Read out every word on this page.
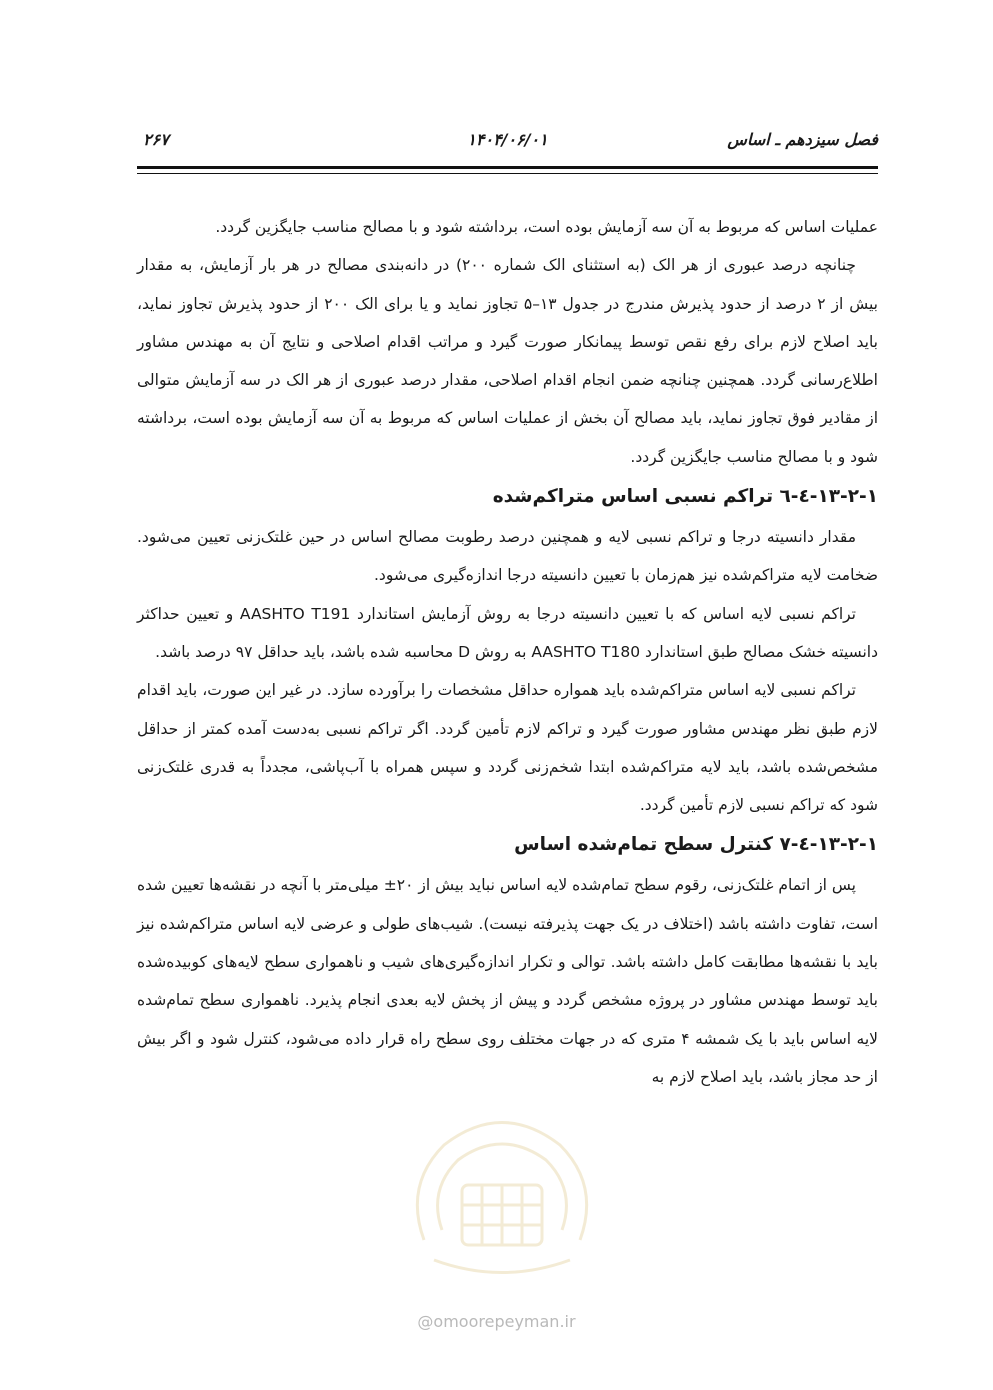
فصل سیزدهم ـ اساس
۱۴۰۴/۰۶/۰۱
۲۶۷

عملیات اساس که مربوط به آن سه آزمایش بوده است، برداشته شود و با مصالح مناسب جایگزین گردد.

چنانچه درصد عبوری از هر الک (به استثنای الک شماره ۲۰۰) در دانه‌بندی مصالح در هر بار آزمایش، به مقدار بیش از ۲ درصد از حدود پذیرش مندرج در جدول ۱۳–۵ تجاوز نماید و یا برای الک ۲۰۰ از حدود پذیرش تجاوز نماید، باید اصلاح لازم برای رفع نقص توسط پیمانکار صورت گیرد و مراتب اقدام اصلاحی و نتایج آن به مهندس مشاور اطلاع‌رسانی گردد. همچنین چنانچه ضمن انجام اقدام اصلاحی، مقدار درصد عبوری از هر الک در سه آزمایش متوالی از مقادیر فوق تجاوز نماید، باید مصالح آن بخش از عملیات اساس که مربوط به آن سه آزمایش بوده است، برداشته شود و با مصالح مناسب جایگزین گردد.

۱۳-۲-۱-٤-٦ تراکم نسبی اساس متراکم‌شده

مقدار دانسیته درجا و تراکم نسبی لایه و همچنین درصد رطوبت مصالح اساس در حین غلتک‌زنی تعیین می‌شود. ضخامت لایه متراکم‌شده نیز هم‌زمان با تعیین دانسیته درجا اندازه‌گیری می‌شود.

تراکم نسبی لایه اساس که با تعیین دانسیته درجا به روش آزمایش استاندارد AASHTO T191 و تعیین حداکثر دانسیته خشک مصالح طبق استاندارد AASHTO T180 به روش D محاسبه شده باشد، باید حداقل ۹۷ درصد باشد.

تراکم نسبی لایه اساس متراکم‌شده باید همواره حداقل مشخصات را برآورده سازد. در غیر این صورت، باید اقدام لازم طبق نظر مهندس مشاور صورت گیرد و تراکم لازم تأمین گردد. اگر تراکم نسبی به‌دست آمده کمتر از حداقل مشخص‌شده باشد، باید لایه متراکم‌شده ابتدا شخم‌زنی گردد و سپس همراه با آب‌پاشی، مجدداً به قدری غلتک‌زنی شود که تراکم نسبی لازم تأمین گردد.

۱۳-۲-۱-٤-۷ کنترل سطح تمام‌شده اساس

پس از اتمام غلتک‌زنی، رقوم سطح تمام‌شده لایه اساس نباید بیش از ۲۰± میلی‌متر با آنچه در نقشه‌ها تعیین شده است، تفاوت داشته باشد (اختلاف در یک جهت پذیرفته نیست). شیب‌های طولی و عرضی لایه اساس متراکم‌شده نیز باید با نقشه‌ها مطابقت کامل داشته باشد. توالی و تکرار اندازه‌گیری‌های شیب و ناهمواری سطح لایه‌های کوبیده‌شده باید توسط مهندس مشاور در پروژه مشخص گردد و پیش از پخش لایه بعدی انجام پذیرد. ناهمواری سطح تمام‌شده لایه اساس باید با یک شمشه ۴ متری که در جهات مختلف روی سطح راه قرار داده می‌شود، کنترل شود و اگر بیش از حد مجاز باشد، باید اصلاح لازم به

@omoorepeyman.ir
